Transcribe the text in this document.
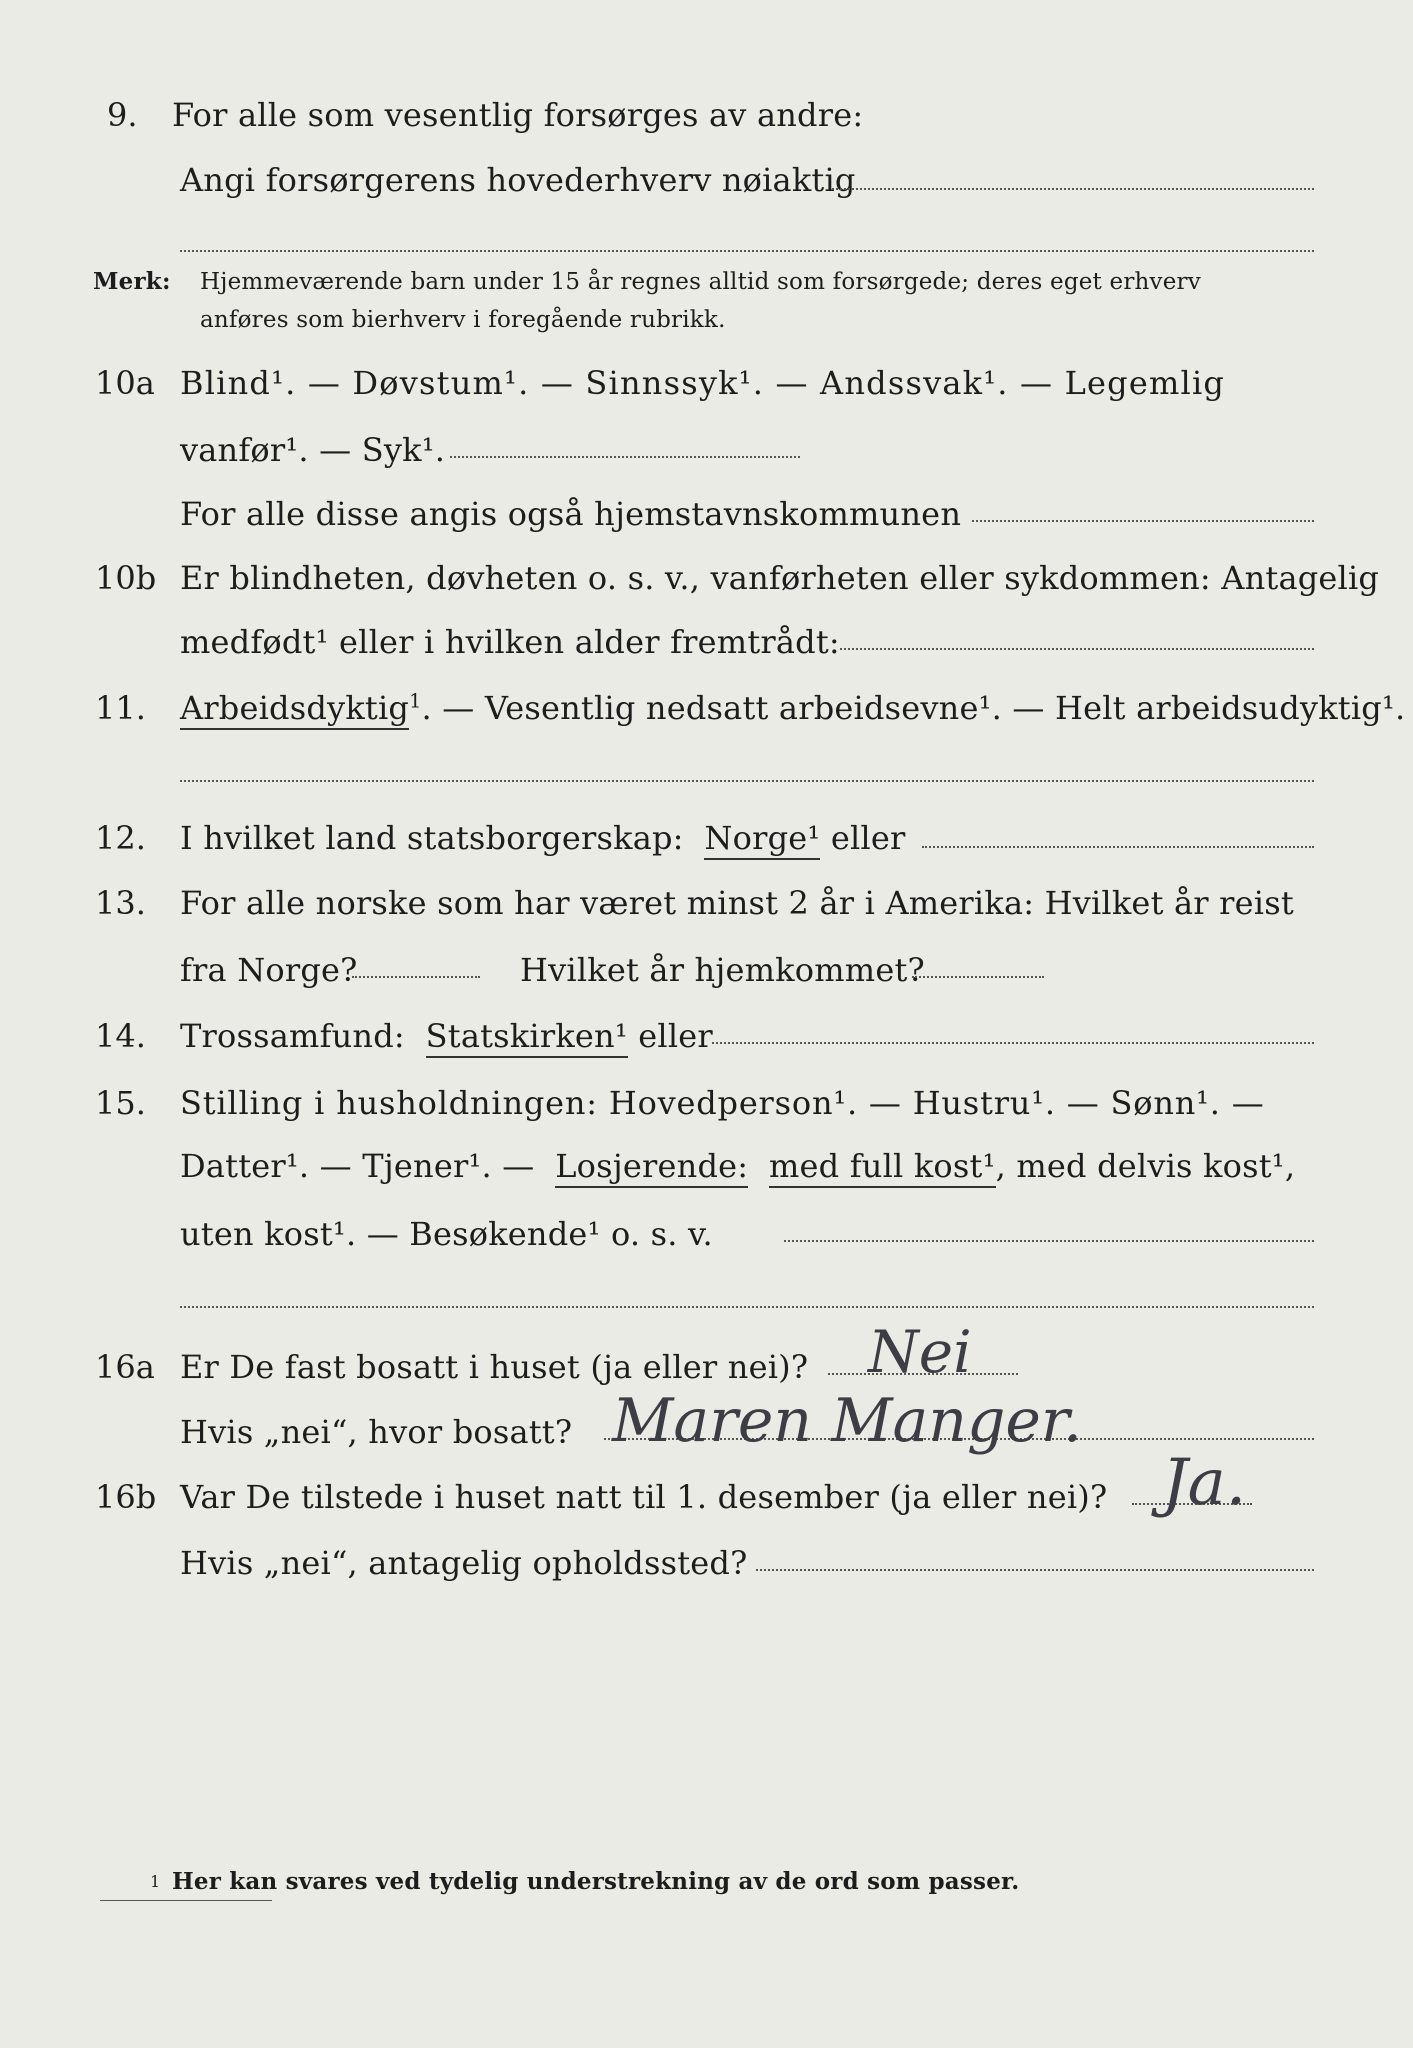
9. For alle som vesentlig forsørges av andre:
Angi forsørgerens hovederhverv nøiaktig
Merk: Hjemmeværende barn under 15 år regnes alltid som forsørgede; deres eget erhverv
anføres som bierhverv i foregående rubrikk.
10a Blind¹. — Døvstum¹. — Sinnssyk¹. — Andssvak¹. — Legemlig
vanfør¹. — Syk¹.
For alle disse angis også hjemstavnskommunen
10b Er blindheten, døvheten o. s. v., vanførheten eller sykdommen: Antagelig
medfødt¹ eller i hvilken alder fremtrådt:
11. Arbeidsdyktig$^1$. — Vesentlig nedsatt arbeidsevne¹. — Helt arbeidsudyktig¹.
12. I hvilket land statsborgerskap: Norge¹ eller
13. For alle norske som har været minst 2 år i Amerika: Hvilket år reist
fra Norge?	Hvilket år hjemkommet?
14. Trossamfund: Statskirken¹ eller
15. Stilling i husholdningen: Hovedperson¹. — Hustru¹. — Sønn¹. —
Datter¹. — Tjener¹. — Losjerende: med full kost¹, med delvis kost¹,
uten kost¹. — Besøkende¹ o. s. v.
16a Er De fast bosatt i huset (ja eller nei)? Nei
Hvis „nei“, hvor bosatt? Maren Manger.
16b Var De tilstede i huset natt til 1. desember (ja eller nei)? Ja.
Hvis „nei“, antagelig opholdssted?
1 Her kan svares ved tydelig understrekning av de ord som passer.
